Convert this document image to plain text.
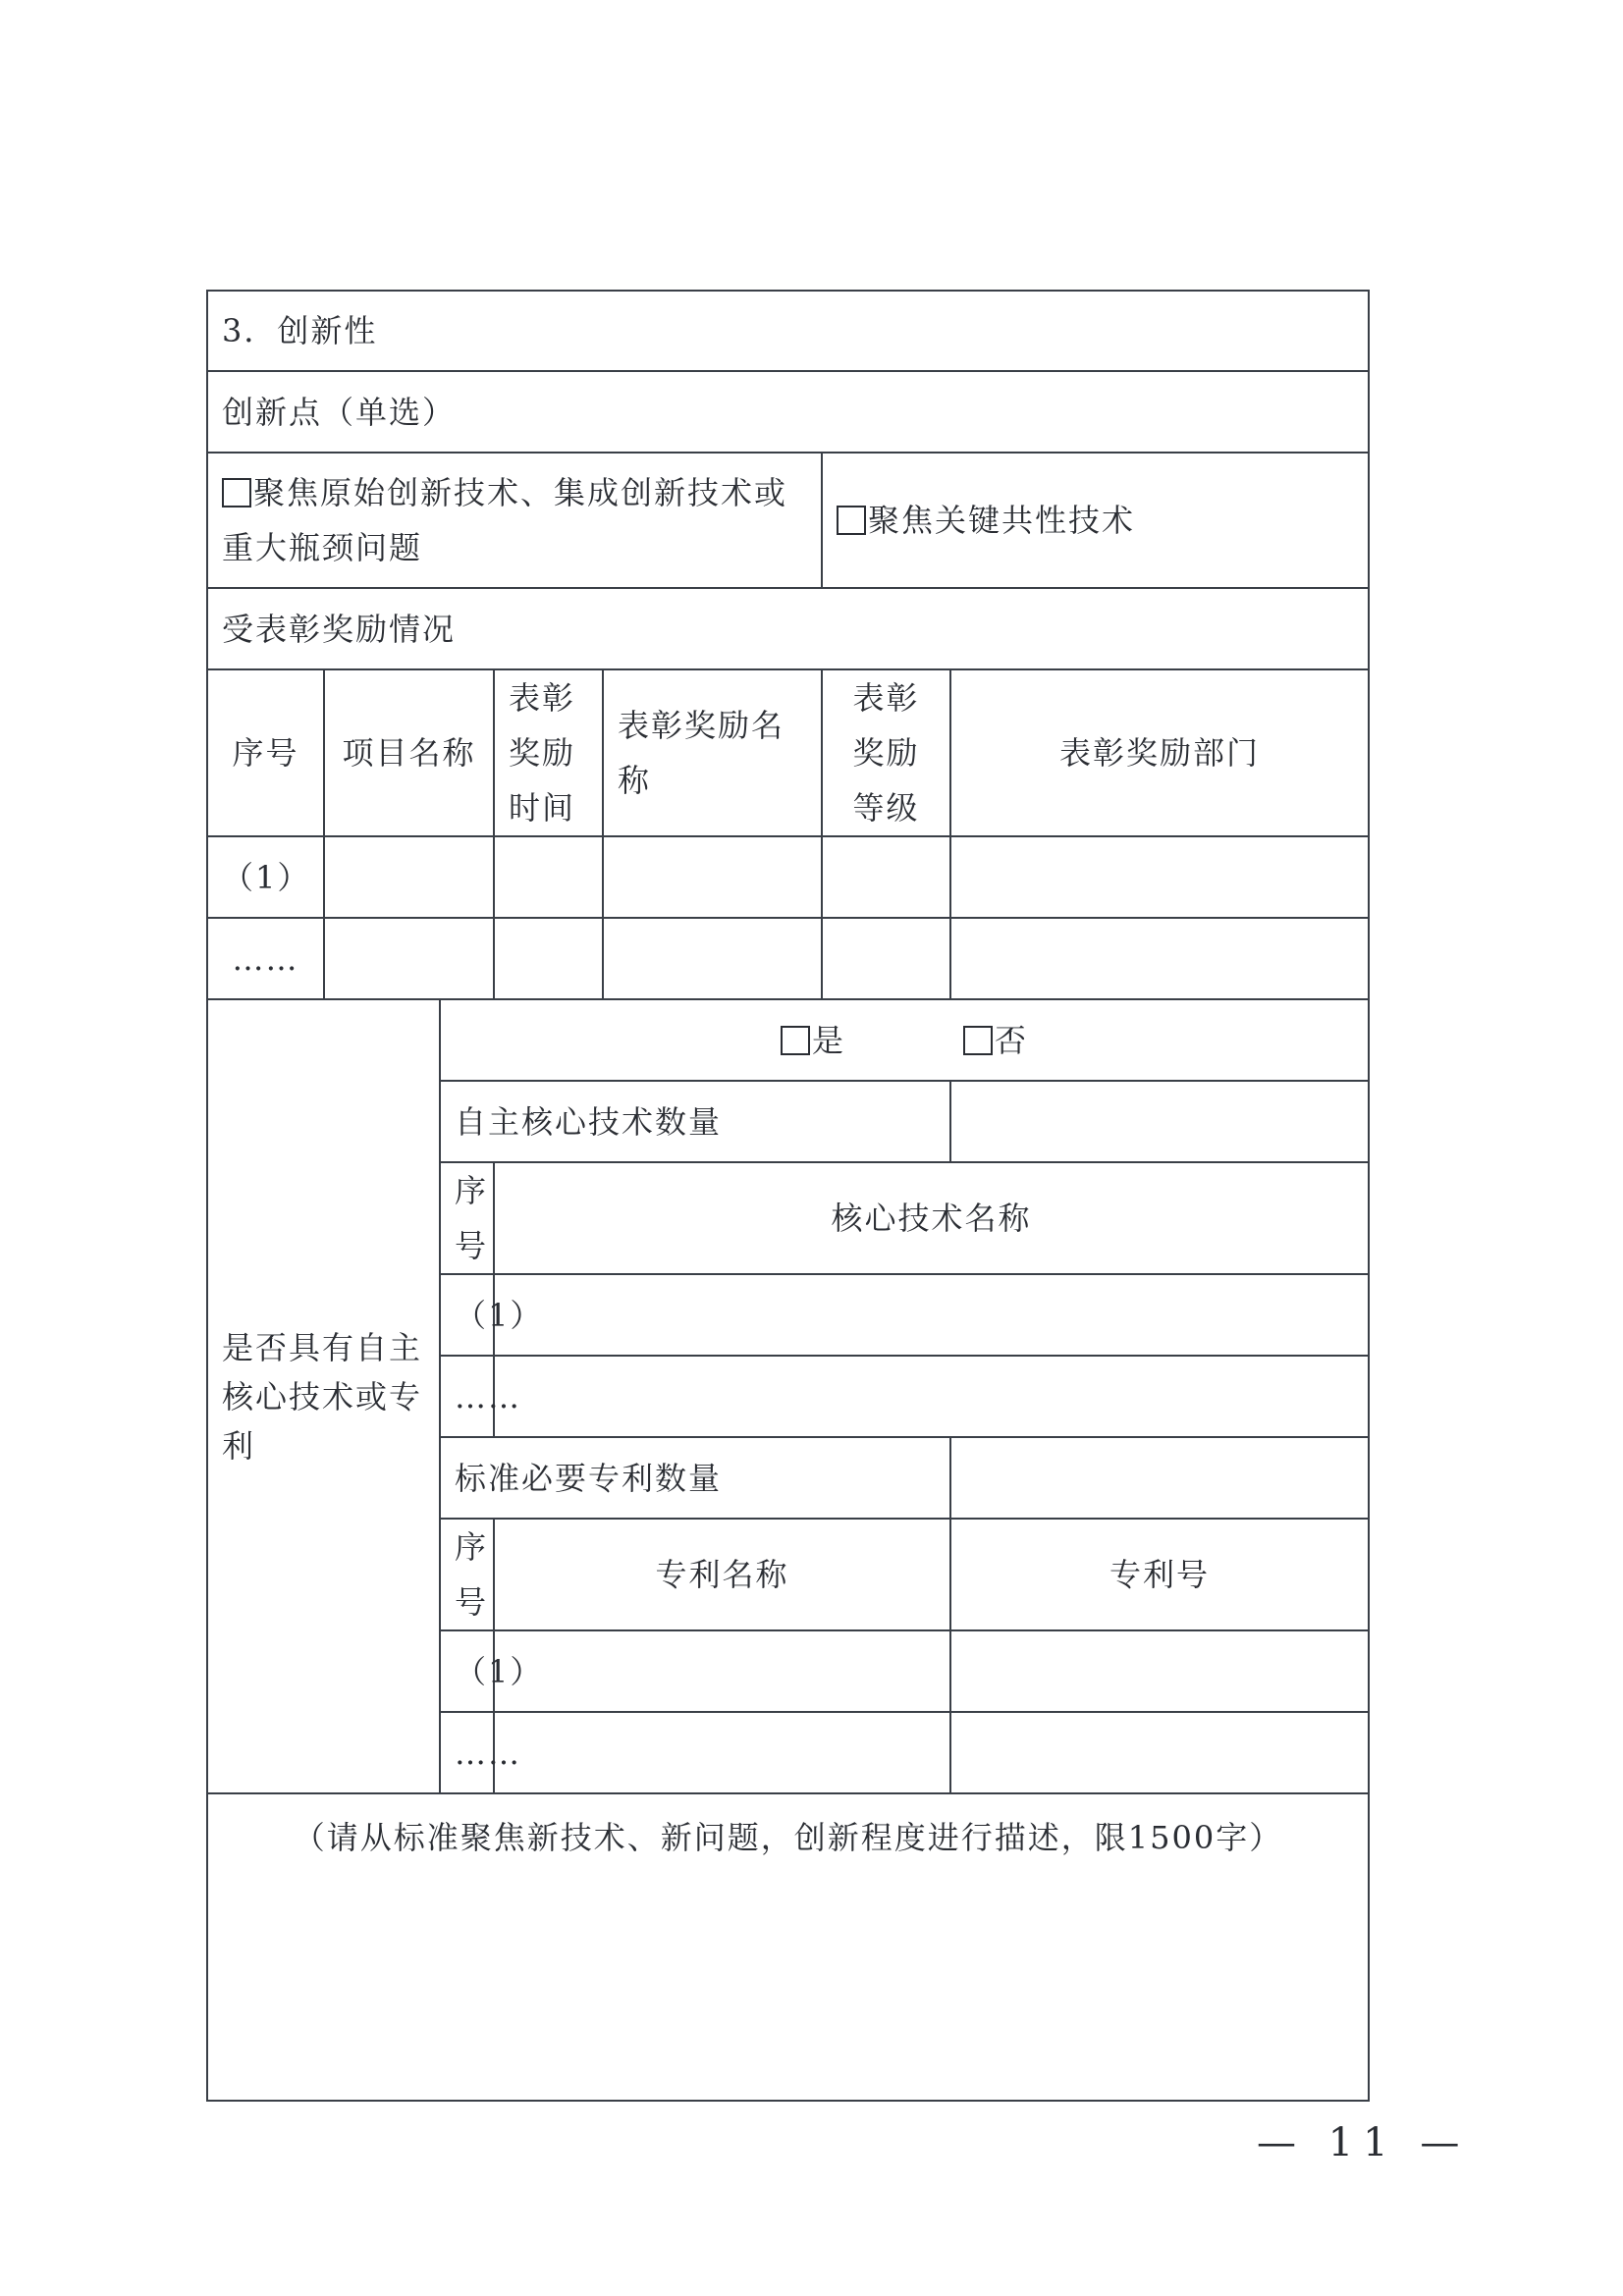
3．创新性						
创新点（单选）						
聚焦原始创新技术、集成创新技术或重大瓶颈问题					聚焦关键共性技术	
受表彰奖励情况						
序号	项目名称		表彰奖励时间	表彰奖励名称	表彰奖励等级	表彰奖励部门
（1）						
……						
是否具有自主核心技术或专利		是 否				
		自主核心技术数量				
		序号	核心技术名称			
		（1）				
		……				
		标准必要专利数量				
		序号	专利名称			专利号
		（1）				
		……				
（请从标准聚焦新技术、新问题，创新程度进行描述，限1500字）						
— 11 —
